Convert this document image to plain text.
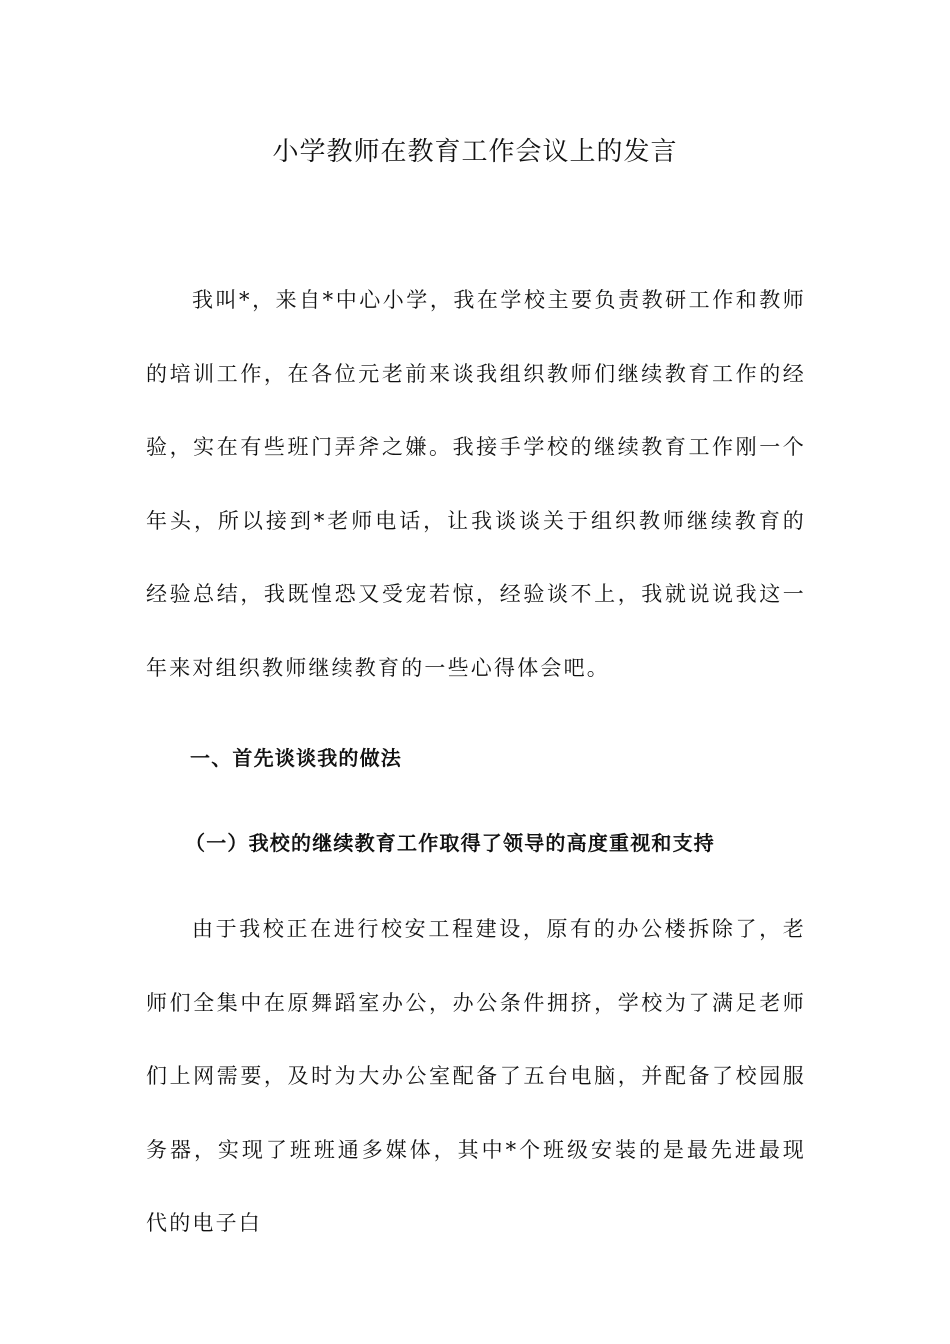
小学教师在教育工作会议上的发言

我叫*，来自*中心小学，我在学校主要负责教研工作和教师的培训工作，在各位元老前来谈我组织教师们继续教育工作的经验，实在有些班门弄斧之嫌。我接手学校的继续教育工作刚一个年头，所以接到*老师电话，让我谈谈关于组织教师继续教育的经验总结，我既惶恐又受宠若惊，经验谈不上，我就说说我这一年来对组织教师继续教育的一些心得体会吧。

一、首先谈谈我的做法
（一）我校的继续教育工作取得了领导的高度重视和支持

由于我校正在进行校安工程建设，原有的办公楼拆除了，老师们全集中在原舞蹈室办公，办公条件拥挤，学校为了满足老师们上网需要，及时为大办公室配备了五台电脑，并配备了校园服务器，实现了班班通多媒体，其中*个班级安装的是最先进最现代的电子白
